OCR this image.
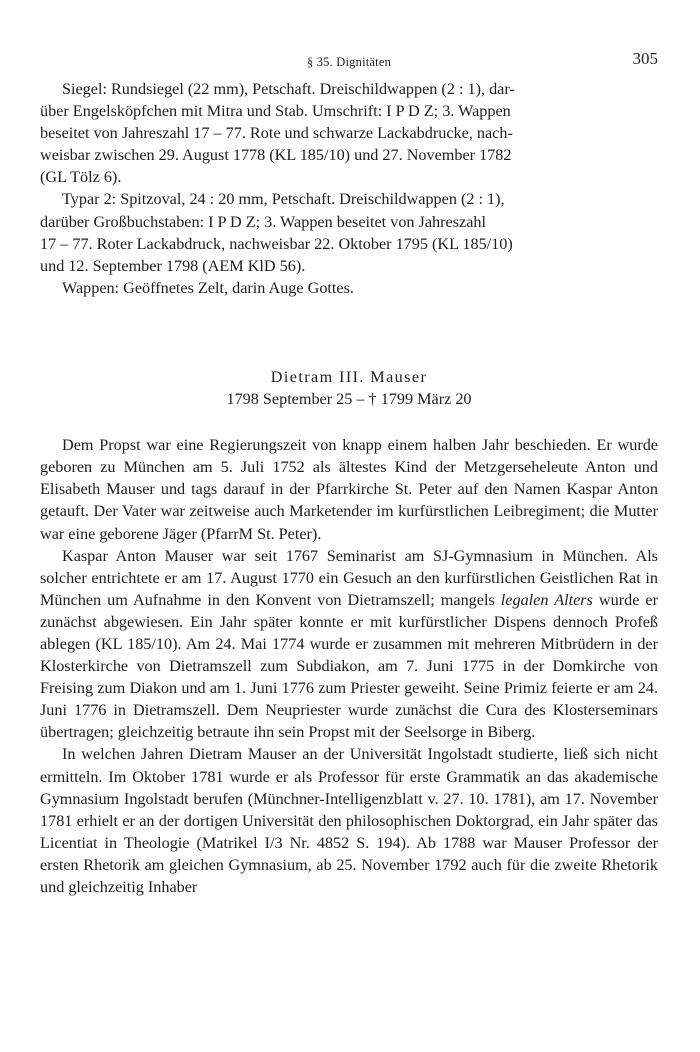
§ 35. Dignitäten	305

Siegel: Rundsiegel (22 mm), Petschaft. Dreischildwappen (2 : 1), dar-
über Engelsköpfchen mit Mitra und Stab. Umschrift: I P D Z; 3. Wappen
beseitet von Jahreszahl 17 – 77. Rote und schwarze Lackabdrucke, nach-
weisbar zwischen 29. August 1778 (KL 185/10) und 27. November 1782
(GL Tölz 6).

Typar 2: Spitzoval, 24 : 20 mm, Petschaft. Dreischildwappen (2 : 1),
darüber Großbuchstaben: I P D Z; 3. Wappen beseitet von Jahreszahl
17 – 77. Roter Lackabdruck, nachweisbar 22. Oktober 1795 (KL 185/10)
und 12. September 1798 (AEM KlD 56).

Wappen: Geöffnetes Zelt, darin Auge Gottes.

Dietram III. Mauser

1798 September 25 – † 1799 März 20

Dem Propst war eine Regierungszeit von knapp einem halben Jahr beschieden. Er wurde geboren zu München am 5. Juli 1752 als ältestes Kind der Metzgerseheleute Anton und Elisabeth Mauser und tags darauf in der Pfarrkirche St. Peter auf den Namen Kaspar Anton getauft. Der Vater war zeitweise auch Marketender im kurfürstlichen Leibregiment; die Mutter war eine geborene Jäger (PfarrM St. Peter).

Kaspar Anton Mauser war seit 1767 Seminarist am SJ-Gymnasium in München. Als solcher entrichtete er am 17. August 1770 ein Gesuch an den kurfürstlichen Geistlichen Rat in München um Aufnahme in den Konvent von Dietramszell; mangels legalen Alters wurde er zunächst abgewiesen. Ein Jahr später konnte er mit kurfürstlicher Dispens dennoch Profeß ablegen (KL 185/10). Am 24. Mai 1774 wurde er zusammen mit mehreren Mitbrüdern in der Klosterkirche von Dietramszell zum Subdiakon, am 7. Juni 1775 in der Domkirche von Freising zum Diakon und am 1. Juni 1776 zum Priester geweiht. Seine Primiz feierte er am 24. Juni 1776 in Dietramszell. Dem Neupriester wurde zunächst die Cura des Klosterseminars übertragen; gleichzeitig betraute ihn sein Propst mit der Seelsorge in Biberg.

In welchen Jahren Dietram Mauser an der Universität Ingolstadt studierte, ließ sich nicht ermitteln. Im Oktober 1781 wurde er als Professor für erste Grammatik an das akademische Gymnasium Ingolstadt berufen (Münchner-Intelligenzblatt v. 27. 10. 1781), am 17. November 1781 erhielt er an der dortigen Universität den philosophischen Doktorgrad, ein Jahr später das Licentiat in Theologie (Matrikel I/3 Nr. 4852 S. 194). Ab 1788 war Mauser Professor der ersten Rhetorik am gleichen Gymnasium, ab 25. November 1792 auch für die zweite Rhetorik und gleichzeitig Inhaber
